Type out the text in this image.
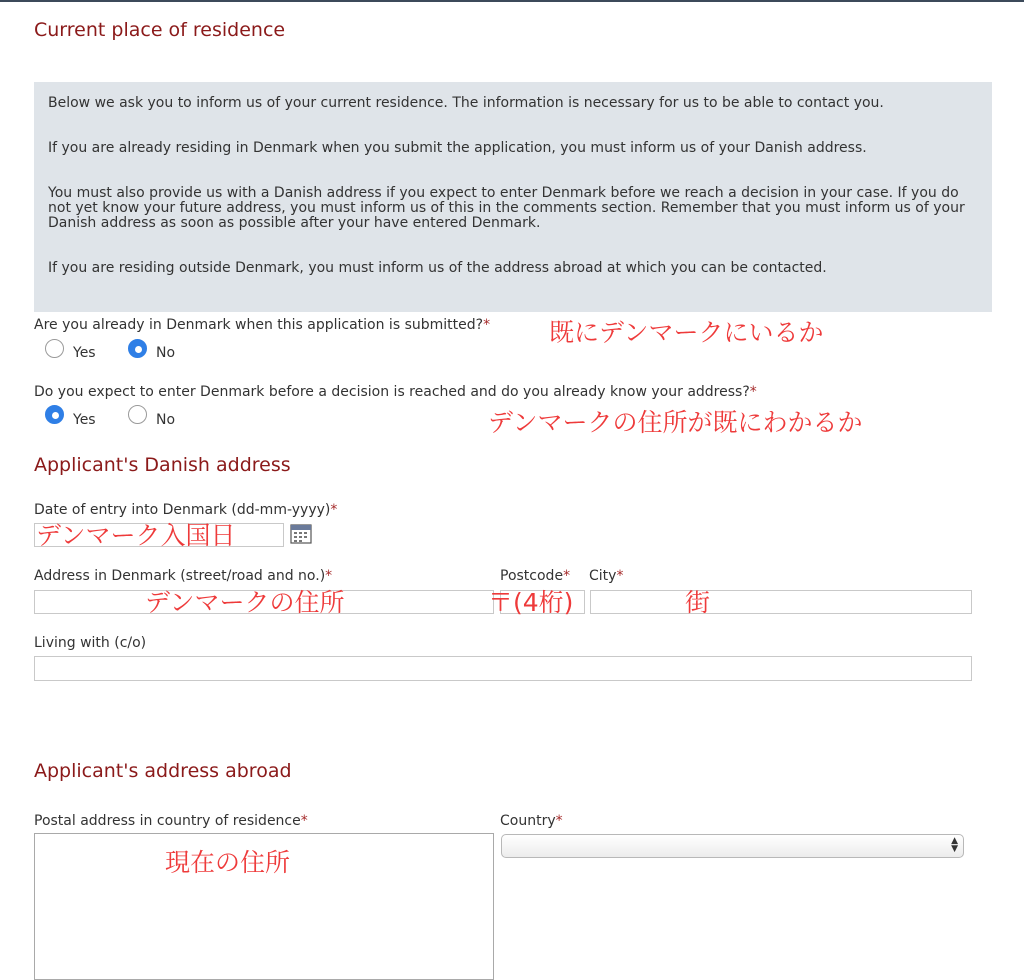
Current place of residence

Below we ask you to inform us of your current residence. The information is necessary for us to be able to contact you.

If you are already residing in Denmark when you submit the application, you must inform us of your Danish address.

You must also provide us with a Danish address if you expect to enter Denmark before we reach a decision in your case. If you do not yet know your future address, you must inform us of this in the comments section. Remember that you must inform us of your Danish address as soon as possible after your have entered Denmark.

If you are residing outside Denmark, you must inform us of the address abroad at which you can be contacted.

Are you already in Denmark when this application is submitted?*
Yes	No
既にデンマークにいるか
Do you expect to enter Denmark before a decision is reached and do you already know your address?*
Yes	No	デンマークの住所が既にわかるか
Applicant's Danish address
Date of entry into Denmark (dd-mm-yyyy)*
デンマーク入国日
Address in Denmark (street/road and no.)*	Postcode* City*
デンマークの住所	〒(4桁)	街
Living with (c/o)
Applicant's address abroad
Postal address in country of residence*	Country*
現在の住所
▲
▼
